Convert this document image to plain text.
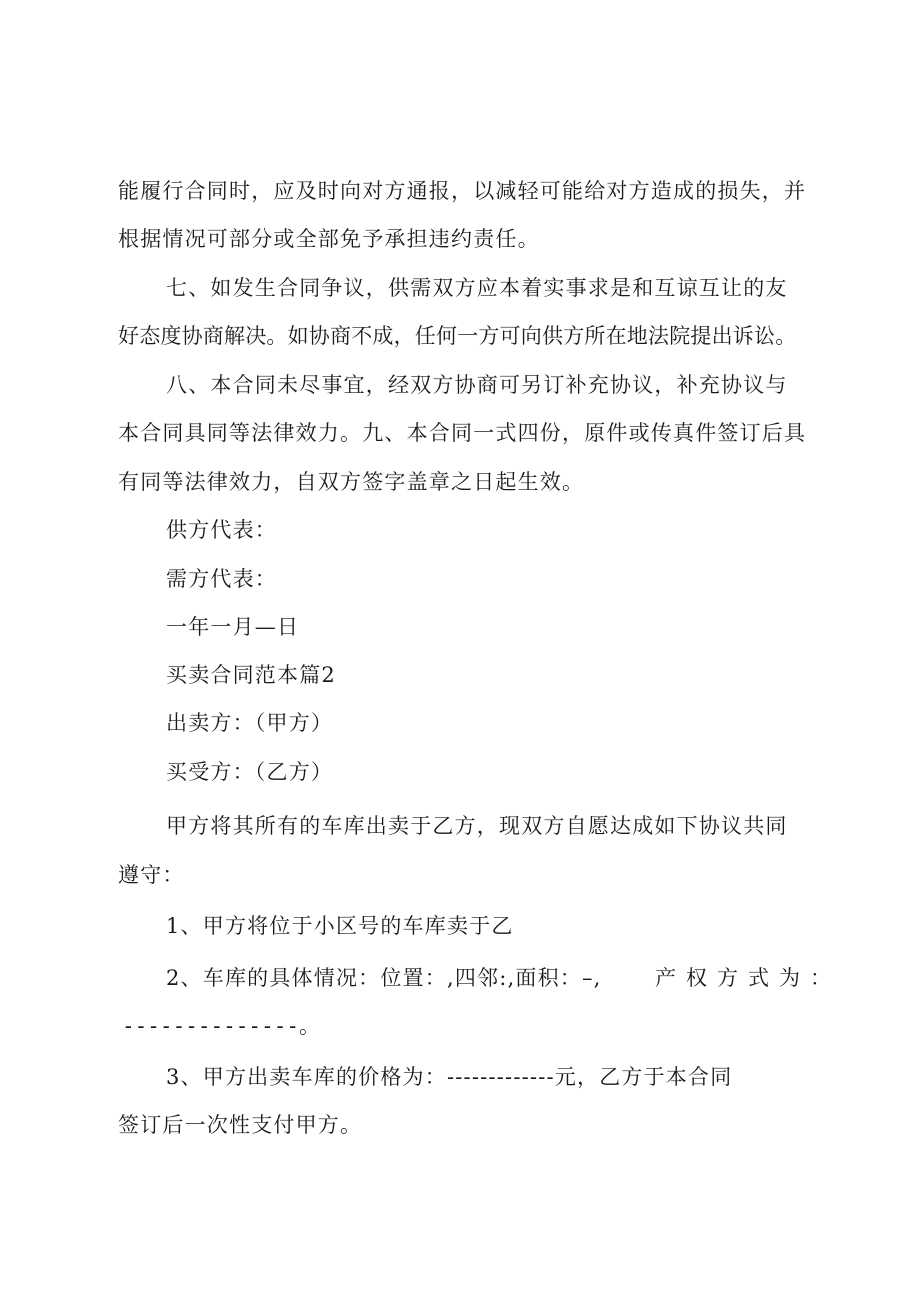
能履行合同时，应及时向对方通报，以减轻可能给对方造成的损失，并

根据情况可部分或全部免予承担违约责任。

七、如发生合同争议，供需双方应本着实事求是和互谅互让的友

好态度协商解决。如协商不成，任何一方可向供方所在地法院提出诉讼。

八、本合同未尽事宜，经双方协商可另订补充协议，补充协议与

本合同具同等法律效力。九、本合同一式四份，原件或传真件签订后具

有同等法律效力，自双方签字盖章之日起生效。

供方代表：

需方代表：

一年一月—日

买卖合同范本篇2

出卖方：（甲方）

买受方：（乙方）

甲方将其所有的车库出卖于乙方，现双方自愿达成如下协议共同

遵守：

1、甲方将位于小区号的车库卖于乙

2、车库的具体情况：位置：,四邻:,面积：–,	产权方式为：

--------------。

3、甲方出卖车库的价格为：-------------元，乙方于本合同

签订后一次性支付甲方。
